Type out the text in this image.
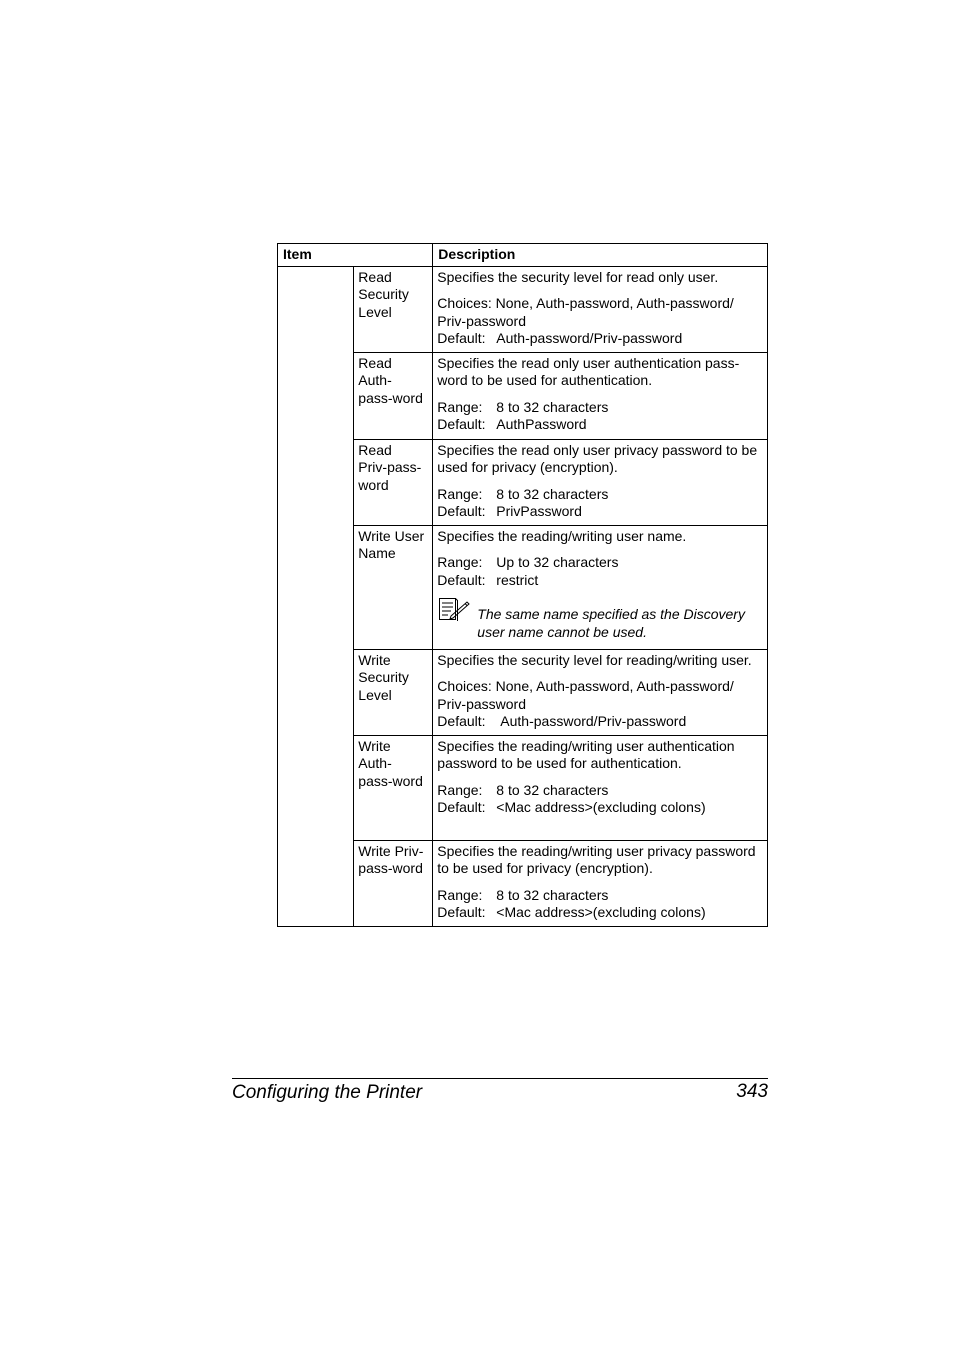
Item		Description

	Read Security Level	Specifies the security level for read only user.
Choices: None, Auth-password, Auth-password/ Priv-password
Default: Auth-password/Priv-password

	Read Auth-pass-word	Specifies the read only user authentication pass-word to be used for authentication.
Range: 8 to 32 characters
Default: AuthPassword

	Read Priv-pass-word	Specifies the read only user privacy password to be used for privacy (encryption).
Range: 8 to 32 characters
Default: PrivPassword

	Write User Name	Specifies the reading/writing user name.
Range: Up to 32 characters
Default: restrict
The same name specified as the Discovery user name cannot be used.

	Write Security Level	Specifies the security level for reading/writing user.
Choices: None, Auth-password, Auth-password/ Priv-password
Default: Auth-password/Priv-password

	Write Auth-pass-word	Specifies the reading/writing user authentication password to be used for authentication.
Range: 8 to 32 characters
Default: <Mac address>(excluding colons)

	Write Priv-pass-word	Specifies the reading/writing user privacy password to be used for privacy (encryption).
Range: 8 to 32 characters
Default: <Mac address>(excluding colons)
Configuring the Printer	343
